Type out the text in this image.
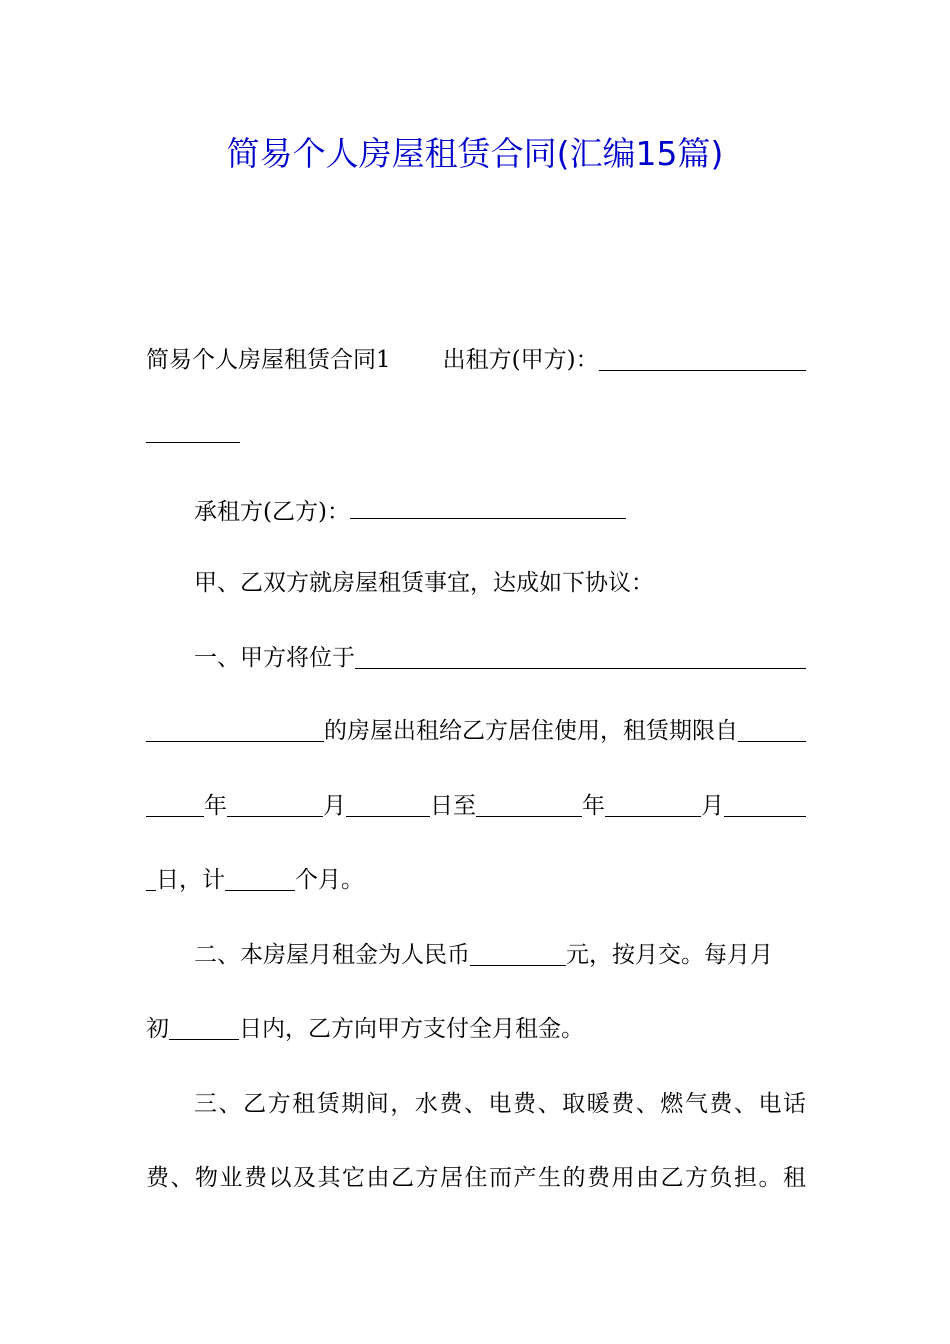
简易个人房屋租赁合同(汇编15篇)
简易个人房屋租赁合同1 出租方(甲方)：
承租方(乙方)：
甲、乙双方就房屋租赁事宜，达成如下协议：
一、甲方将位于
的房屋出租给乙方居住使用，租赁期限自
年	月	日至	年	月
日，计	个月。
二、本房屋月租金为人民币	元，按月交。每月月
初	日内，乙方向甲方支付全月租金。
三、乙方租赁期间，水费、电费、取暖费、燃气费、电话
费、物业费以及其它由乙方居住而产生的费用由乙方负担。租
